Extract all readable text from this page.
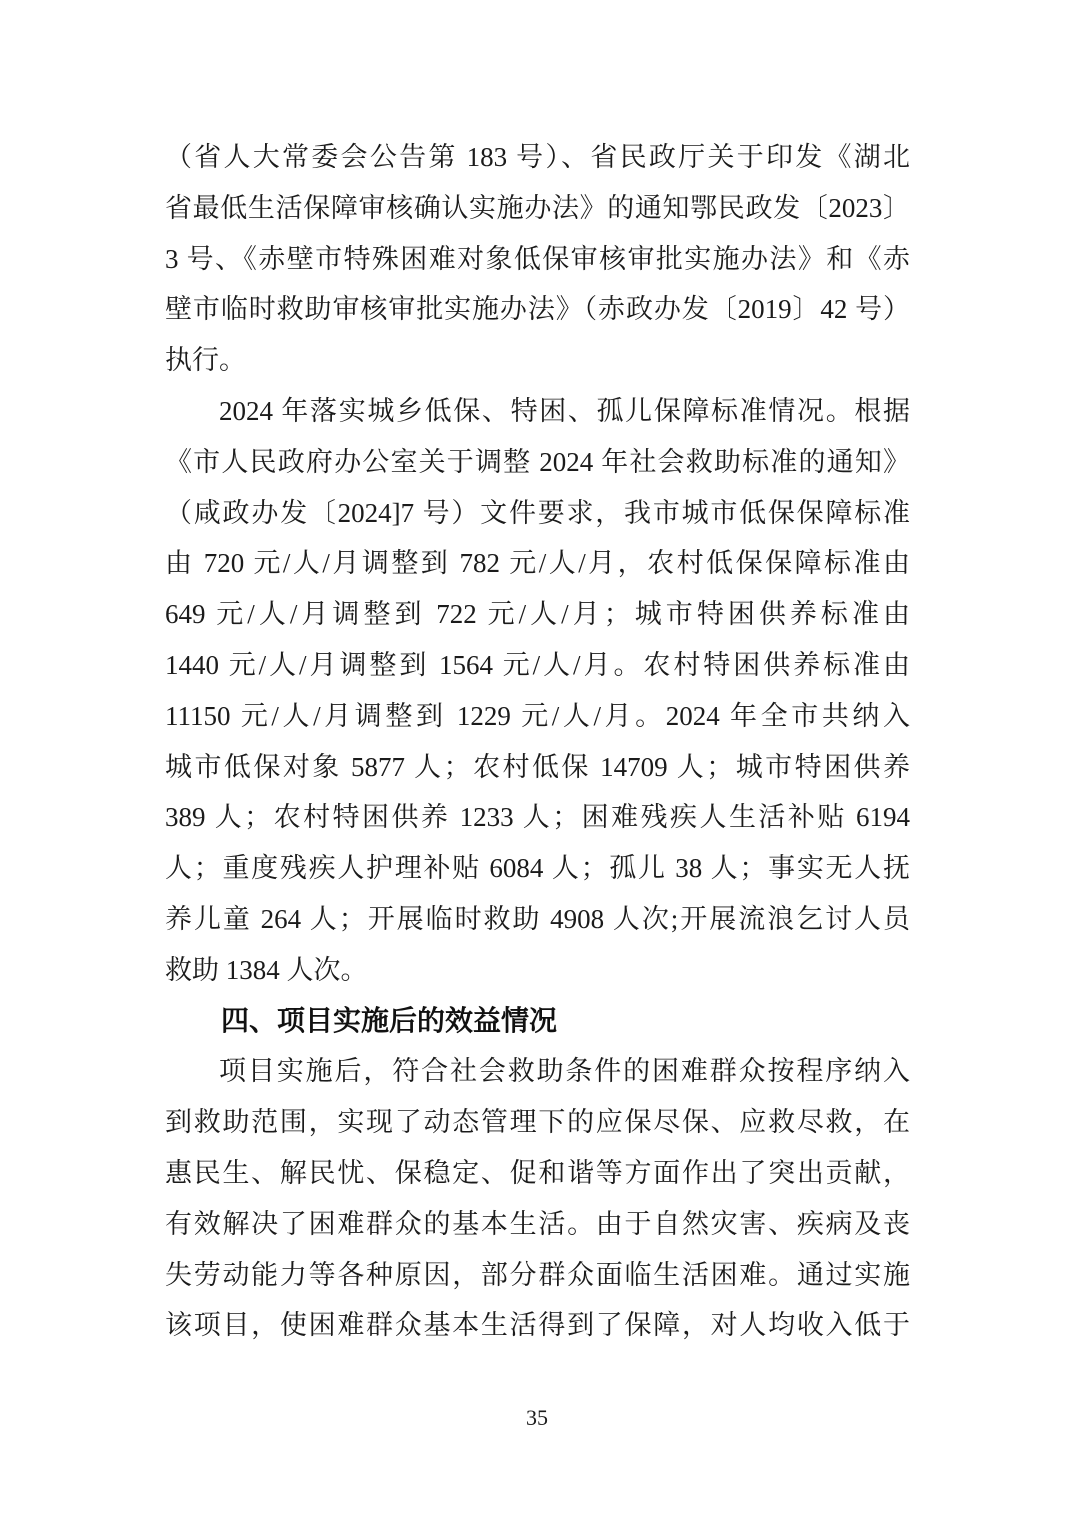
（省人大常委会公告第 183 号）、省民政厅关于印发《湖北
省最低生活保障审核确认实施办法》的通知鄂民政发〔2023〕
3 号、《赤壁市特殊困难对象低保审核审批实施办法》和《赤
壁市临时救助审核审批实施办法》（赤政办发〔2019〕42 号）
执行。
2024 年落实城乡低保、特困、孤儿保障标准情况。根据
《市人民政府办公室关于调整 2024 年社会救助标准的通知》
（咸政办发〔2024]7 号）文件要求，我市城市低保保障标准
由 720 元/人/月调整到 782 元/人/月，农村低保保障标准由
649 元/人/月调整到 722 元/人/月；城市特困供养标准由
1440 元/人/月调整到 1564 元/人/月。农村特困供养标准由
11150 元/人/月调整到 1229 元/人/月。2024 年全市共纳入
城市低保对象 5877 人；农村低保 14709 人；城市特困供养
389 人；农村特困供养 1233 人；困难残疾人生活补贴 6194
人；重度残疾人护理补贴 6084 人；孤儿 38 人；事实无人抚
养儿童 264 人；开展临时救助 4908 人次;开展流浪乞讨人员
救助 1384 人次。
四、项目实施后的效益情况
项目实施后，符合社会救助条件的困难群众按程序纳入
到救助范围，实现了动态管理下的应保尽保、应救尽救，在
惠民生、解民忧、保稳定、促和谐等方面作出了突出贡献，
有效解决了困难群众的基本生活。由于自然灾害、疾病及丧
失劳动能力等各种原因，部分群众面临生活困难。通过实施
该项目，使困难群众基本生活得到了保障，对人均收入低于
35
